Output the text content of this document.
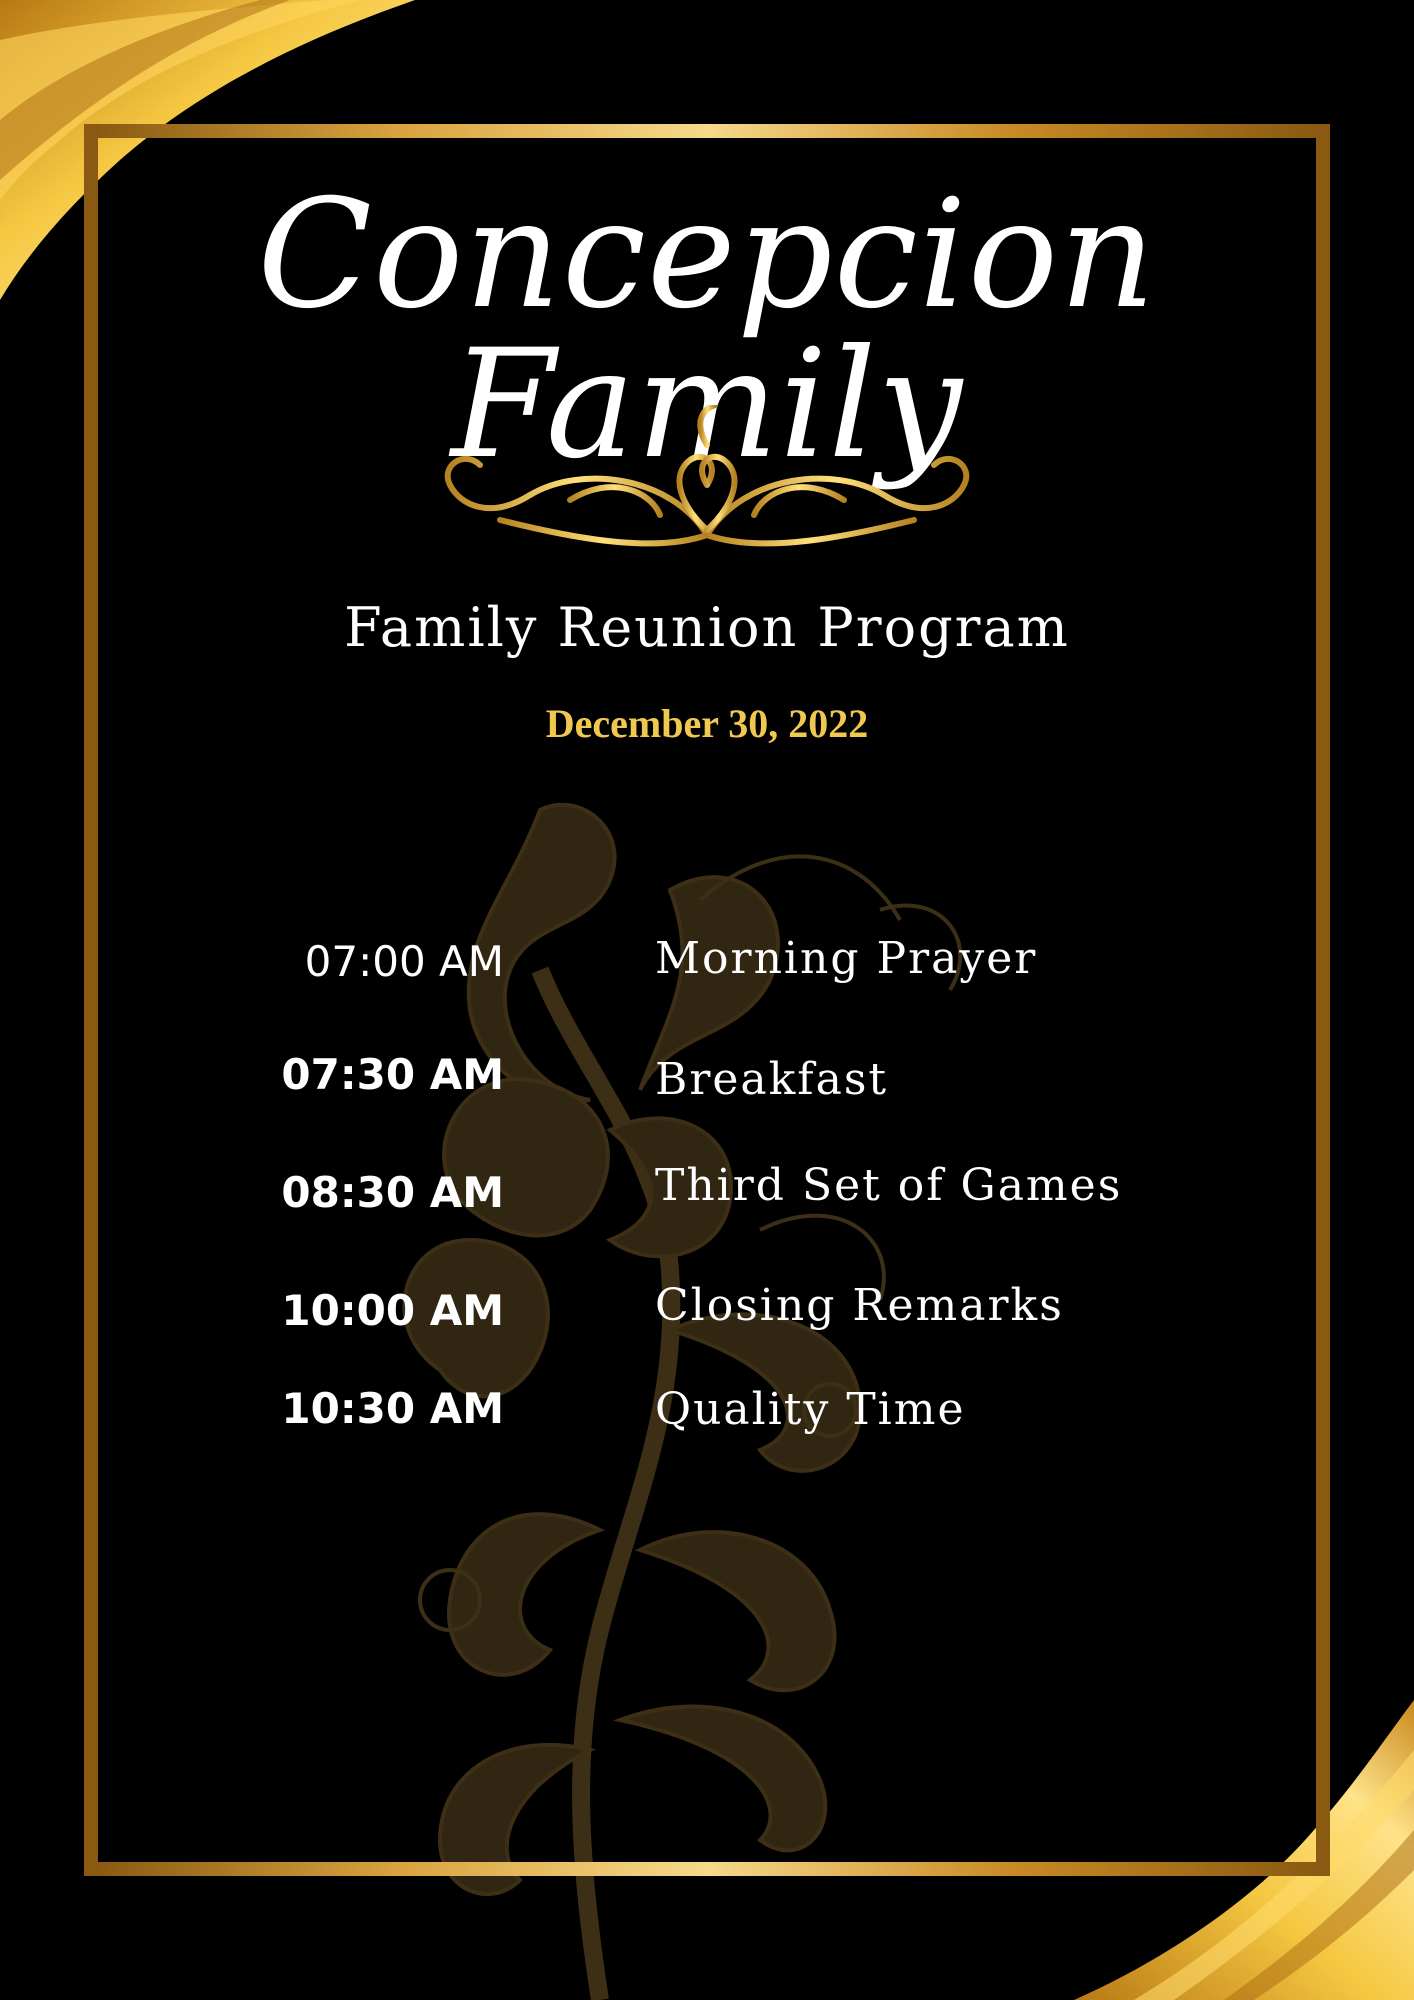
Concepcion Family
Family Reunion Program
December 30, 2022
07:00 AM	Morning Prayer
07:30 AM	Breakfast
08:30 AM	Third Set of Games
10:00 AM	Closing Remarks
10:30 AM	Quality Time
